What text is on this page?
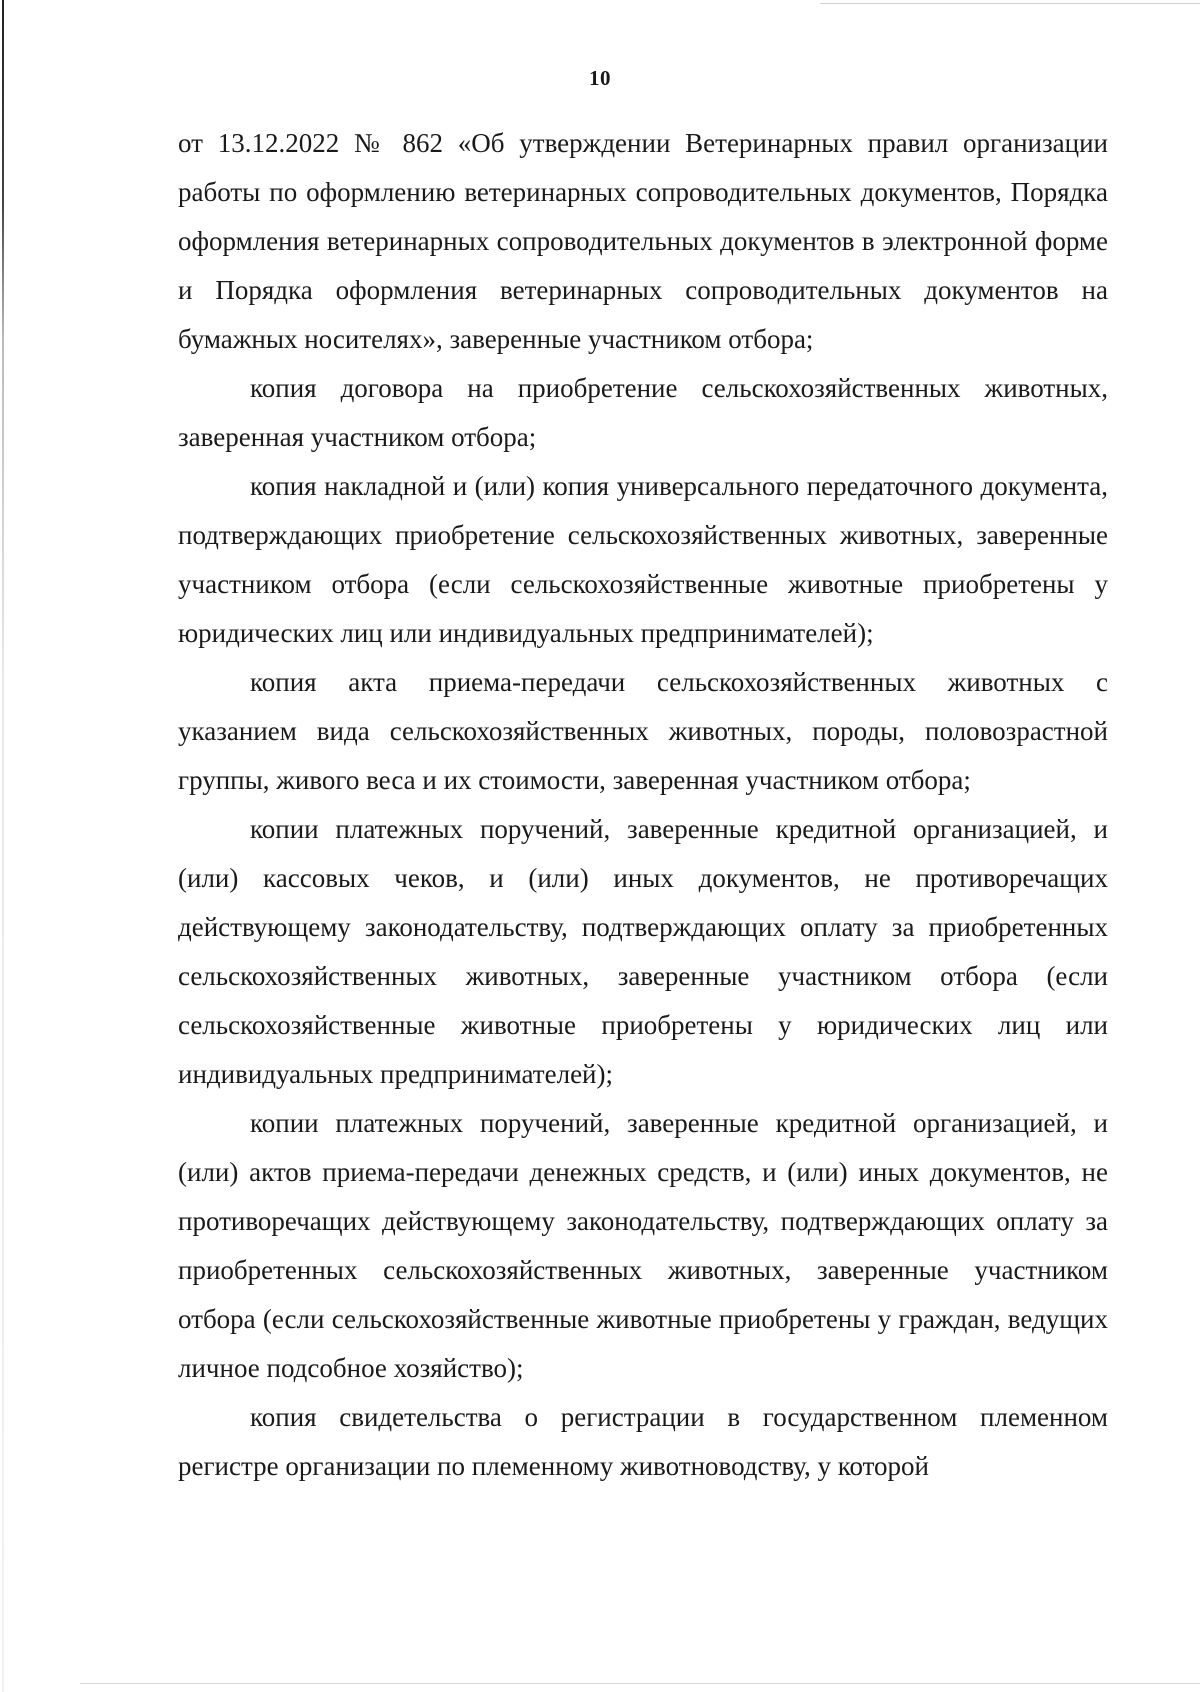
10

от 13.12.2022 № 862 «Об утверждении Ветеринарных правил организации работы по оформлению ветеринарных сопроводительных документов, Порядка оформления ветеринарных сопроводительных документов в электронной форме и Порядка оформления ветеринарных сопроводительных документов на бумажных носителях», заверенные участником отбора;

копия договора на приобретение сельскохозяйственных животных, заверенная участником отбора;

копия накладной и (или) копия универсального передаточного документа, подтверждающих приобретение сельскохозяйственных животных, заверенные участником отбора (если сельскохозяйственные животные приобретены у юридических лиц или индивидуальных предпринимателей);

копия акта приема-передачи сельскохозяйственных животных с указанием вида сельскохозяйственных животных, породы, половозрастной группы, живого веса и их стоимости, заверенная участником отбора;

копии платежных поручений, заверенные кредитной организацией, и (или) кассовых чеков, и (или) иных документов, не противоречащих действующему законодательству, подтверждающих оплату за приобретенных сельскохозяйственных животных, заверенные участником отбора (если сельскохозяйственные животные приобретены у юридических лиц или индивидуальных предпринимателей);

копии платежных поручений, заверенные кредитной организацией, и (или) актов приема-передачи денежных средств, и (или) иных документов, не противоречащих действующему законодательству, подтверждающих оплату за приобретенных сельскохозяйственных животных, заверенные участником отбора (если сельскохозяйственные животные приобретены у граждан, ведущих личное подсобное хозяйство);

копия свидетельства о регистрации в государственном племенном регистре организации по племенному животноводству, у которой
